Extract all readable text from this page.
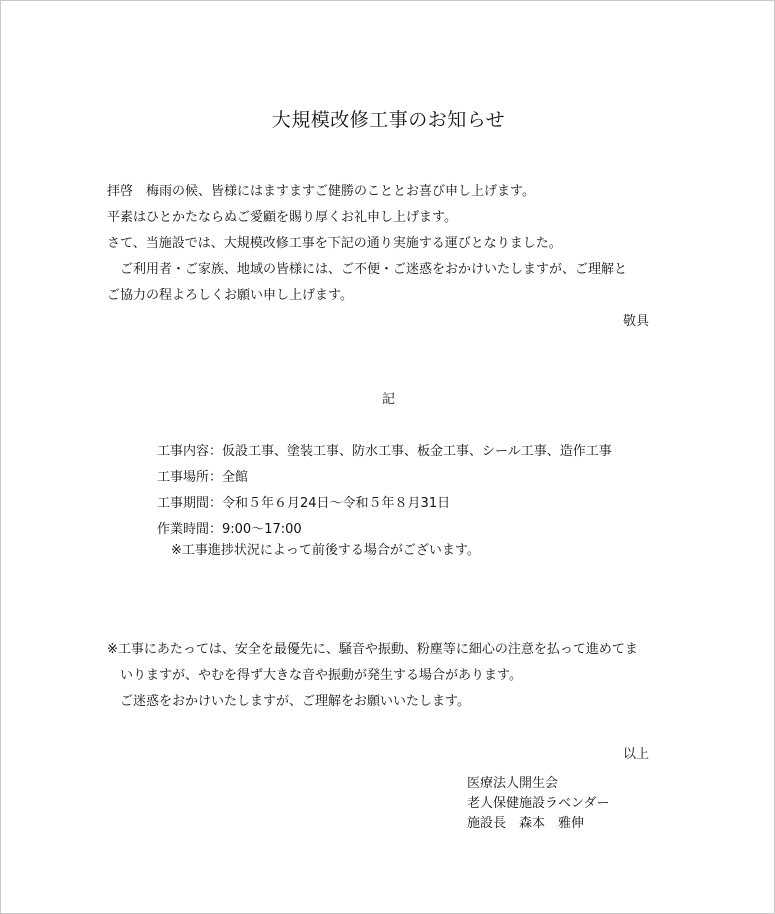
大規模改修工事のお知らせ
拝啓　梅雨の候、皆様にはますますご健勝のこととお喜び申し上げます。
平素はひとかたならぬご愛顧を賜り厚くお礼申し上げます。
さて、当施設では、大規模改修工事を下記の通り実施する運びとなりました。
　ご利用者・ご家族、地域の皆様には、ご不便・ご迷惑をおかけいたしますが、ご理解と
ご協力の程よろしくお願い申し上げます。
敬具
記
工事内容：仮設工事、塗装工事、防水工事、板金工事、シール工事、造作工事
工事場所：全館
工事期間：令和５年６月24日～令和５年８月31日
作業時間：9:00～17:00
※工事進捗状況によって前後する場合がございます。
※工事にあたっては、安全を最優先に、騒音や振動、粉塵等に細心の注意を払って進めてま
　いりますが、やむを得ず大きな音や振動が発生する場合があります。
　ご迷惑をおかけいたしますが、ご理解をお願いいたします。
以上
医療法人開生会
老人保健施設ラベンダー
施設長　森本　雅伸
